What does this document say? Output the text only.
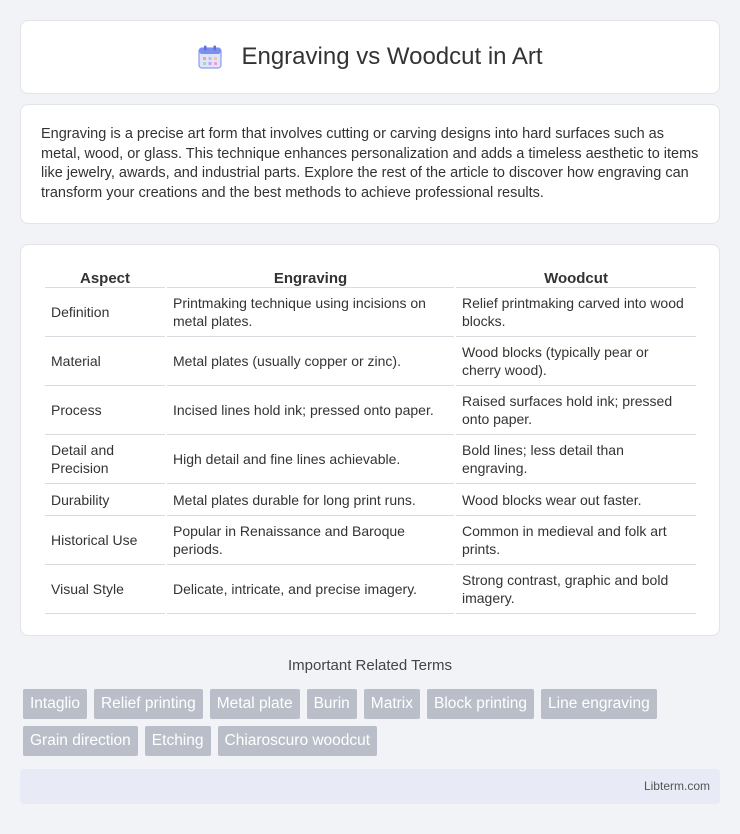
Engraving vs Woodcut in Art

Engraving is a precise art form that involves cutting or carving designs into hard surfaces such as metal, wood, or glass. This technique enhances personalization and adds a timeless aesthetic to items like jewelry, awards, and industrial parts. Explore the rest of the article to discover how engraving can transform your creations and the best methods to achieve professional results.

Aspect	Engraving	Woodcut
Definition	Printmaking technique using incisions on metal plates.	Relief printmaking carved into wood blocks.
Material	Metal plates (usually copper or zinc).	Wood blocks (typically pear or cherry wood).
Process	Incised lines hold ink; pressed onto paper.	Raised surfaces hold ink; pressed onto paper.
Detail and Precision	High detail and fine lines achievable.	Bold lines; less detail than engraving.
Durability	Metal plates durable for long print runs.	Wood blocks wear out faster.
Historical Use	Popular in Renaissance and Baroque periods.	Common in medieval and folk art prints.
Visual Style	Delicate, intricate, and precise imagery.	Strong contrast, graphic and bold imagery.
Important Related Terms
Intaglio	Relief printing	Metal plate	Burin	Matrix	Block printing	Line engraving
Grain direction	Etching	Chiaroscuro woodcut
Libterm.com
